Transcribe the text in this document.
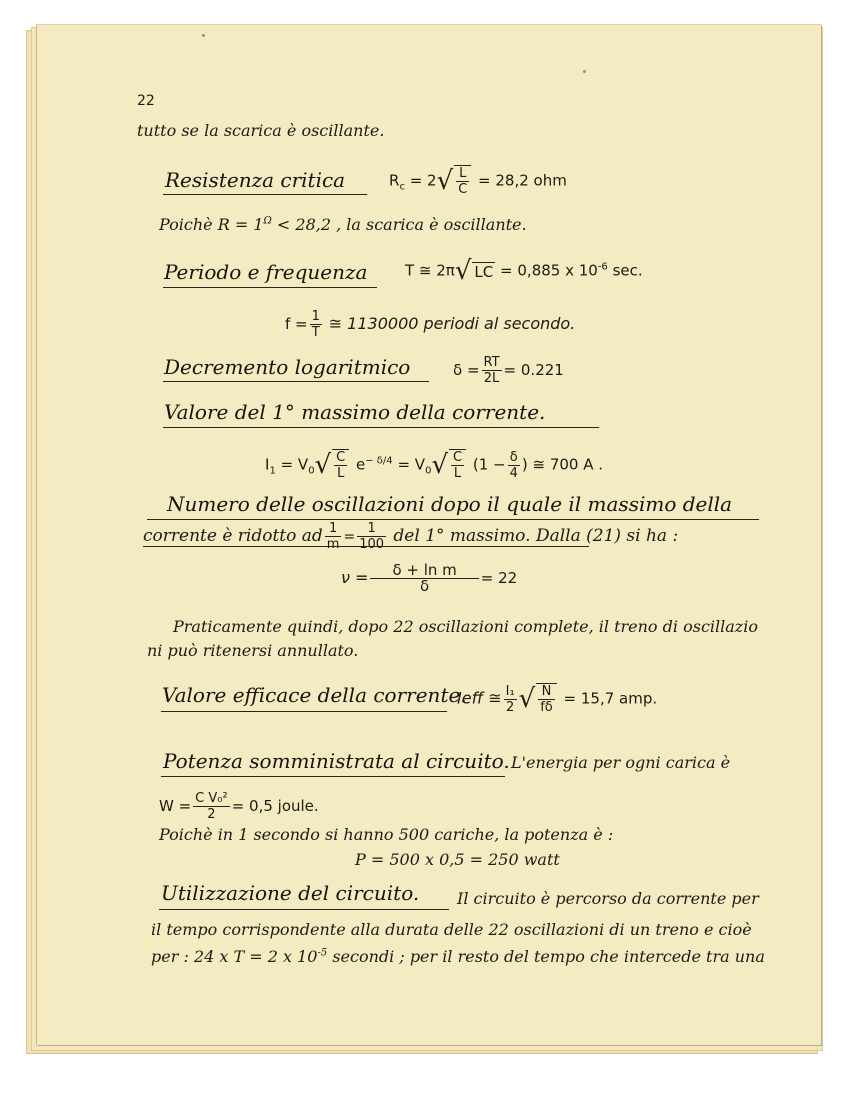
22
tutto se la scarica è oscillante.
Resistenza critica	$R_c = 2√ \frac{L}{C} = 28,2$ ohm
Poichè $R = 1^\Omega < 28,2$ , la scarica è oscillante.
Periodo e frequenza	T ≅ 2π√ LC = 0,885 x $10^{-6}$ sec.
$f = \frac{1}{T}$ ≅ 1130000 periodi al secondo.
Decremento logaritmico	$\delta = \frac{RT}{2L} = 0.221$
Valore del 1° massimo della corrente.
$I_1 = V_0√ \frac{C}{L} e^{- \delta/4} = V_0√ \frac{C}{L} (1 - \frac{\delta}{4}$ ) ≅ 700 A .
Numero delle oscillazioni dopo il quale il massimo della
corrente è ridotto ad $\frac{1}{m} = \frac{1}{100}$ del 1° massimo. Dalla (21) si ha :
$\nu = \frac{\text{δ + ln m}}{\delta} = 22$
Praticamente quindi, dopo 22 oscillazioni complete, il treno di oscillazio
ni può ritenersi annullato.
Valore efficace della corrente.
Ieff ≅ $\frac{\text{I₁}}{2}$ √ $\frac{N}{f\delta} = 15,7$ amp.
Potenza somministrata al circuito. L'energia per ogni carica è
$W = \frac{\text{C V₀²}}{2} = 0,5$ joule.
Poichè in 1 secondo si hanno 500 cariche, la potenza è :
P = 500 x 0,5 = 250 watt
Utilizzazione del circuito. Il circuito è percorso da corrente per
il tempo corrispondente alla durata delle 22 oscillazioni di un treno e cioè
per : 24 x T = 2 x $10^{-5}$ secondi ; per il resto del tempo che intercede tra una
